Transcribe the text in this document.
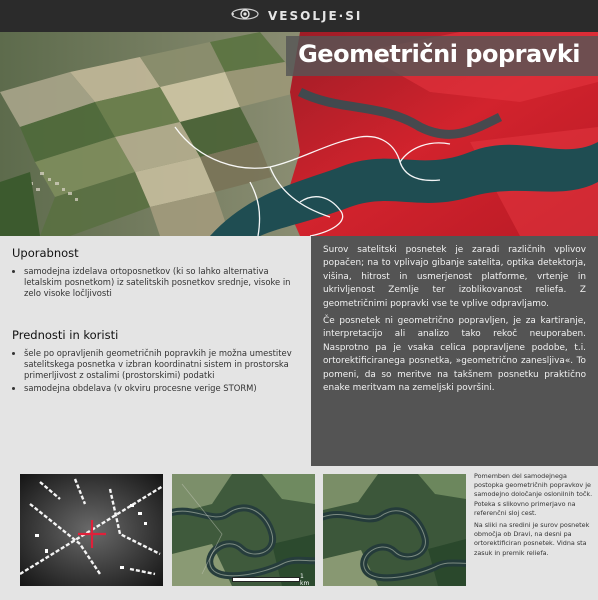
VESOLJE·SI
Geometrični popravki
Uporabnost
• samodejna izdelava ortoposnetkov (ki so lahko alternativa letalskim posnetkom) iz satelitskih posnetkov srednje, visoke in zelo visoke ločljivosti
Prednosti in koristi
• šele po opravljenih geometričnih popravkih je možna umestitev satelitskega posnetka v izbran koordinatni sistem in prostorska primerljivost z ostalimi (prostorskimi) podatki
• samodejna obdelava (v okviru procesne verige STORM)

Surov satelitski posnetek je zaradi različnih vplivov popačen; na to vplivajo gibanje satelita, optika detektorja, višina, hitrost in usmerjenost platforme, vrtenje in ukrivljenost Zemlje ter izoblikovanost reliefa. Z geometričnimi popravki vse te vplive odpravljamo.

Če posnetek ni geometrično popravljen, je za kartiranje, interpretacijo ali analizo tako rekoč neuporaben. Nasprotno pa je vsaka celica popravljene podobe, t.i. ortorektificiranega posnetka, »geometrično zanesljiva«. To pomeni, da so meritve na takšnem posnetku praktično enake meritvam na zemeljski površini.

1 km

Pomemben del samodejnega postopka geometričnih popravkov je samodejno določanje oslonilnih točk. Poteka s slikovno primerjavo na referenčni sloj cest.

Na sliki na sredini je surov posnetek območja ob Dravi, na desni pa ortorektificiran posnetek. Vidna sta zasuk in premik reliefa.
